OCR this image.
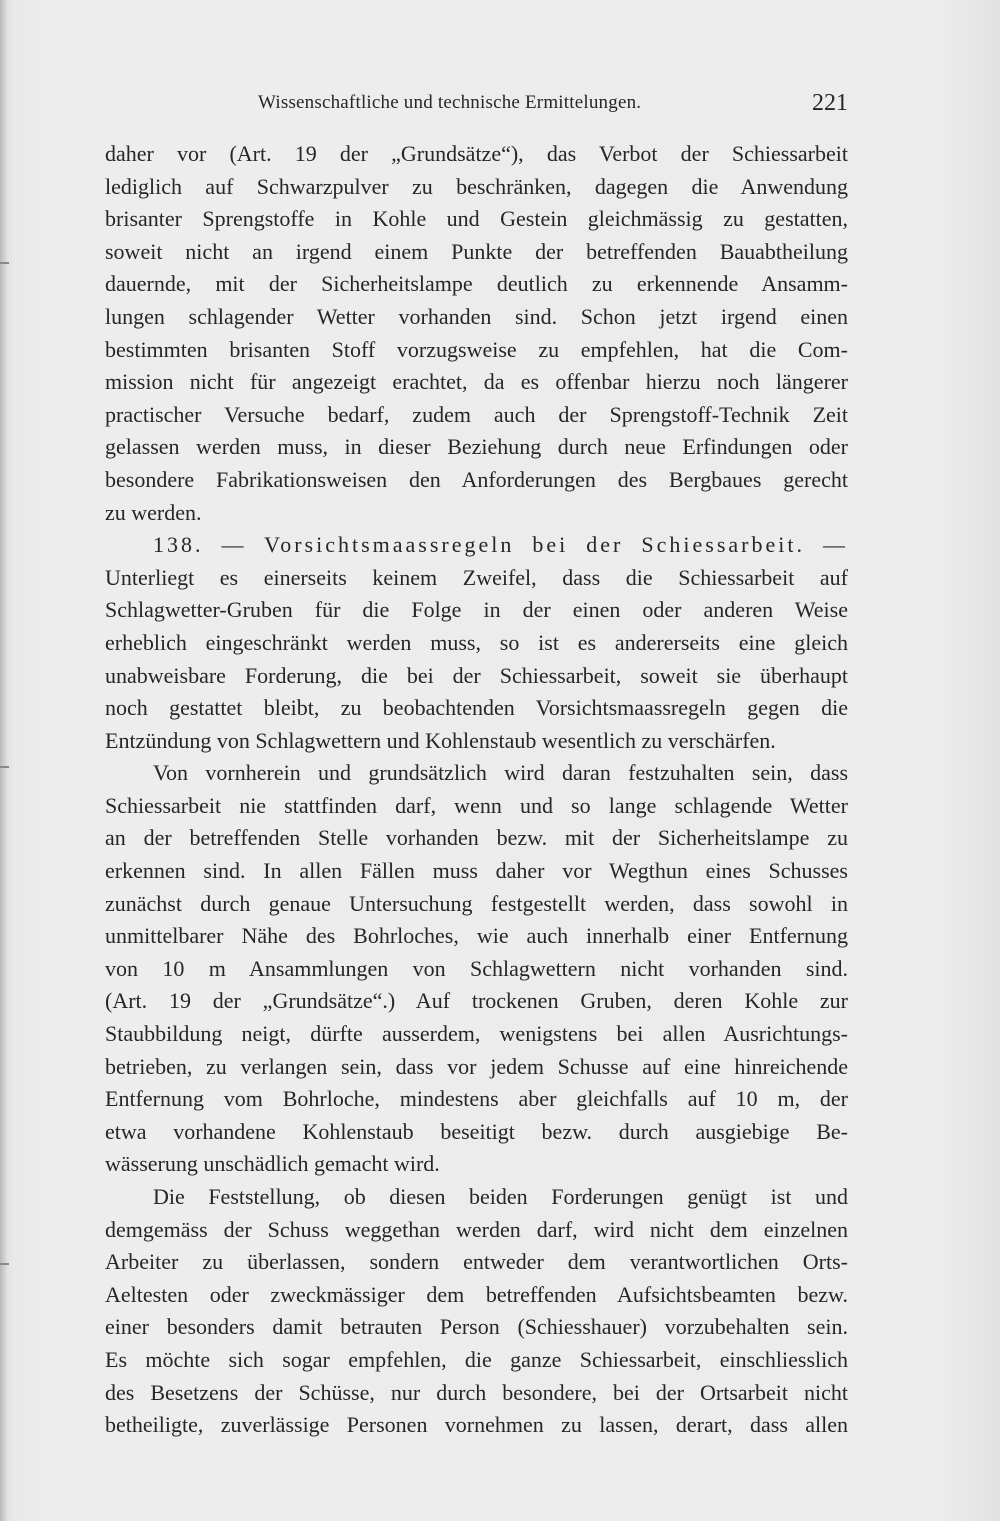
Wissenschaftliche und technische Ermittelungen.	221
daher vor (Art. 19 der „Grundsätze“), das Verbot der Schiessarbeit
lediglich auf Schwarzpulver zu beschränken, dagegen die Anwendung
brisanter Sprengstoffe in Kohle und Gestein gleichmässig zu gestatten,
soweit nicht an irgend einem Punkte der betreffenden Bauabtheilung
dauernde, mit der Sicherheitslampe deutlich zu erkennende Ansamm-
lungen schlagender Wetter vorhanden sind. Schon jetzt irgend einen
bestimmten brisanten Stoff vorzugsweise zu empfehlen, hat die Com-
mission nicht für angezeigt erachtet, da es offenbar hierzu noch längerer
practischer Versuche bedarf, zudem auch der Sprengstoff-Technik Zeit
gelassen werden muss, in dieser Beziehung durch neue Erfindungen oder
besondere Fabrikationsweisen den Anforderungen des Bergbaues gerecht
zu werden.
138. — Vorsichtsmaassregeln bei der Schiessarbeit. —
Unterliegt es einerseits keinem Zweifel, dass die Schiessarbeit auf
Schlagwetter-Gruben für die Folge in der einen oder anderen Weise
erheblich eingeschränkt werden muss, so ist es andererseits eine gleich
unabweisbare Forderung, die bei der Schiessarbeit, soweit sie überhaupt
noch gestattet bleibt, zu beobachtenden Vorsichtsmaassregeln gegen die
Entzündung von Schlagwettern und Kohlenstaub wesentlich zu verschärfen.
Von vornherein und grundsätzlich wird daran festzuhalten sein, dass
Schiessarbeit nie stattfinden darf, wenn und so lange schlagende Wetter
an der betreffenden Stelle vorhanden bezw. mit der Sicherheitslampe zu
erkennen sind. In allen Fällen muss daher vor Wegthun eines Schusses
zunächst durch genaue Untersuchung festgestellt werden, dass sowohl in
unmittelbarer Nähe des Bohrloches, wie auch innerhalb einer Entfernung
von 10 m Ansammlungen von Schlagwettern nicht vorhanden sind.
(Art. 19 der „Grundsätze“.) Auf trockenen Gruben, deren Kohle zur
Staubbildung neigt, dürfte ausserdem, wenigstens bei allen Ausrichtungs-
betrieben, zu verlangen sein, dass vor jedem Schusse auf eine hinreichende
Entfernung vom Bohrloche, mindestens aber gleichfalls auf 10 m, der
etwa vorhandene Kohlenstaub beseitigt bezw. durch ausgiebige Be-
wässerung unschädlich gemacht wird.
Die Feststellung, ob diesen beiden Forderungen genügt ist und
demgemäss der Schuss weggethan werden darf, wird nicht dem einzelnen
Arbeiter zu überlassen, sondern entweder dem verantwortlichen Orts-
Aeltesten oder zweckmässiger dem betreffenden Aufsichtsbeamten bezw.
einer besonders damit betrauten Person (Schiesshauer) vorzubehalten sein.
Es möchte sich sogar empfehlen, die ganze Schiessarbeit, einschliesslich
des Besetzens der Schüsse, nur durch besondere, bei der Ortsarbeit nicht
betheiligte, zuverlässige Personen vornehmen zu lassen, derart, dass allen
